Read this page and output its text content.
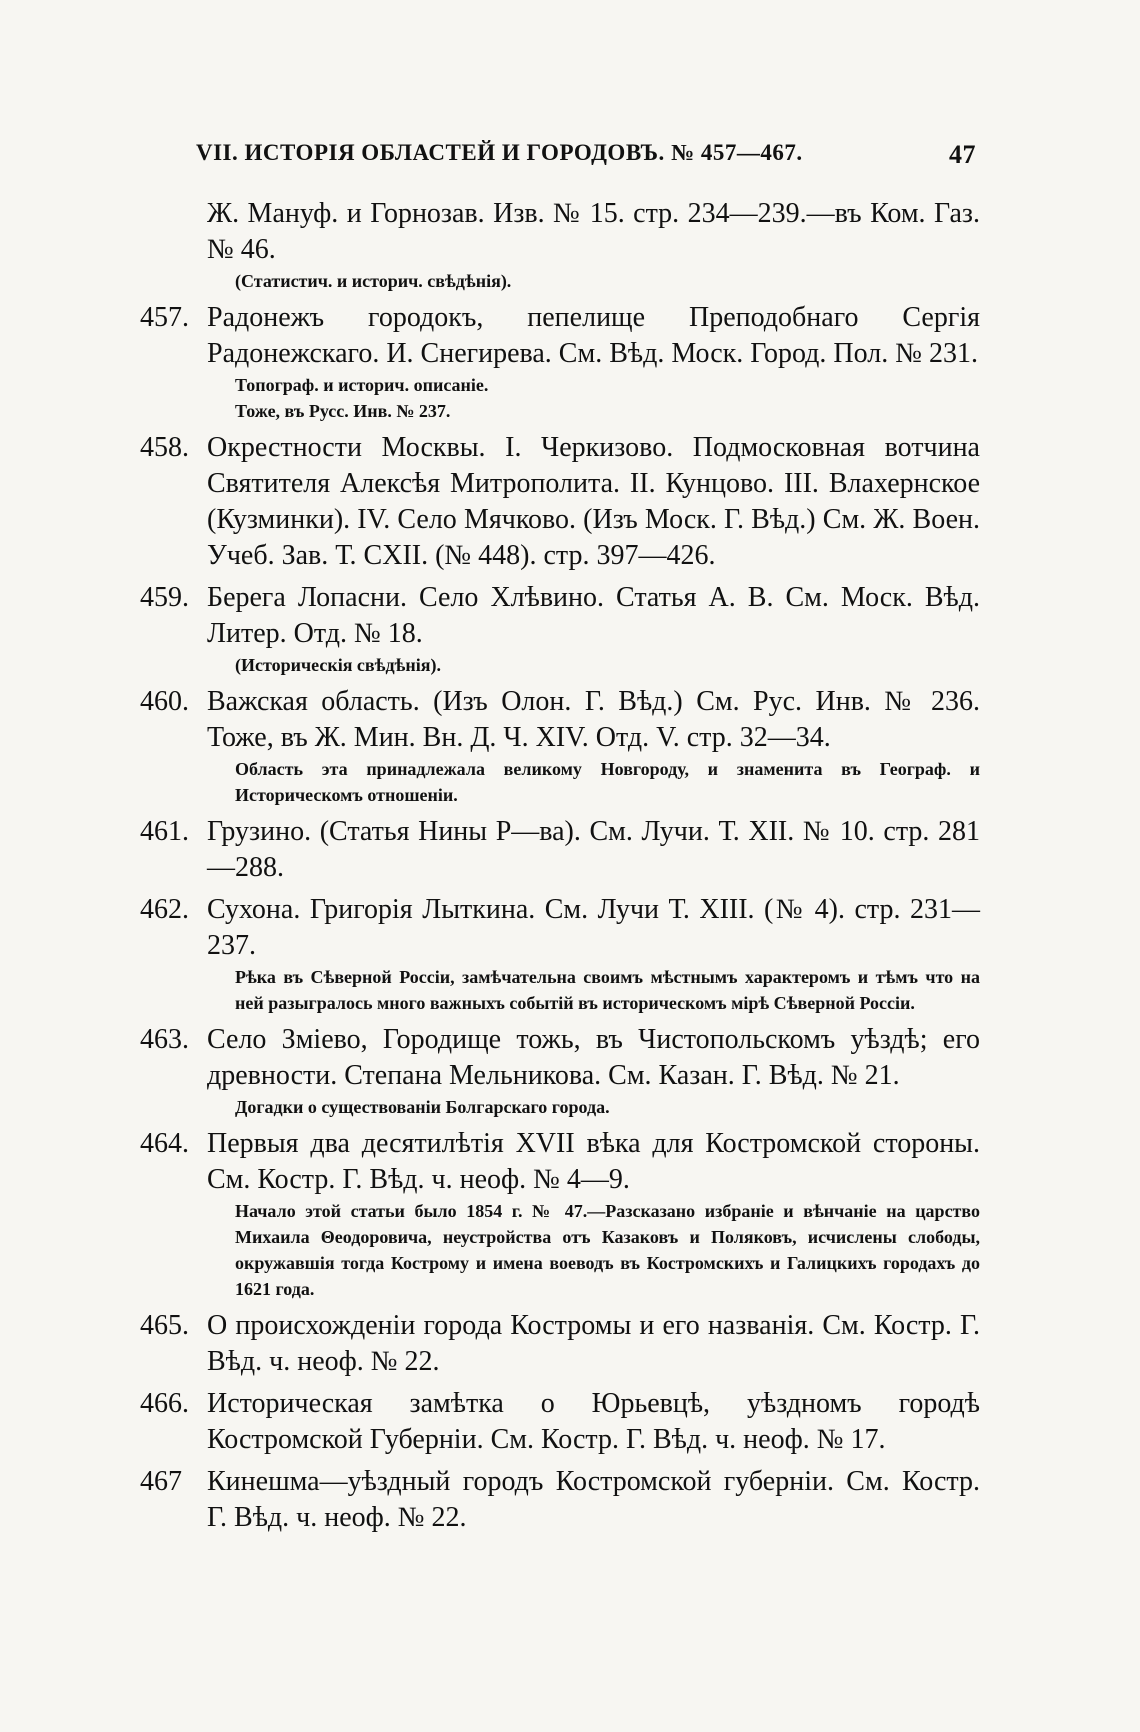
VII. ИСТОРІЯ ОБЛАСТЕЙ И ГОРОДОВЪ. № 457—467.	47
Ж. Мануф. и Горнозав. Изв. № 15. стр. 234—239.—въ Ком. Газ. № 46.
(Статистич. и историч. свѣдѣнія).
457. Радонежъ городокъ, пепелище Преподобнаго Сергія Радонежскаго. И. Снегирева. См. Вѣд. Моск. Город. Пол. № 231.
Топограф. и историч. описаніе.
Тоже, въ Русс. Инв. № 237.
458. Окрестности Москвы. I. Черкизово. Подмосковная вотчина Святителя Алексѣя Митрополита. II. Кунцово. III. Влахернское (Кузминки). IV. Село Мячково. (Изъ Моск. Г. Вѣд.) См. Ж. Воен. Учеб. Зав. Т. CXII. (№ 448). стр. 397—426.
459. Берега Лопасни. Село Хлѣвино. Статья А. В. См. Моск. Вѣд. Литер. Отд. № 18.
(Историческія свѣдѣнія).
460. Важская область. (Изъ Олон. Г. Вѣд.) См. Рус. Инв. № 236. Тоже, въ Ж. Мин. Вн. Д. Ч. XIV. Отд. V. стр. 32—34.
Область эта принадлежала великому Новгороду, и знаменита въ Географ. и Историческомъ отношеніи.
461. Грузино. (Статья Нины Р—ва). См. Лучи. Т. XII. № 10. стр. 281—288.
462. Сухона. Григорія Лыткина. См. Лучи Т. XIII. (№ 4). стр. 231—237.
Рѣка въ Сѣверной Россіи, замѣчательна своимъ мѣстнымъ характеромъ и тѣмъ что на ней разыгралось много важныхъ событій въ историческомъ мірѣ Сѣверной Россіи.
463. Село Зміево, Городище тожь, въ Чистопольскомъ уѣздѣ; его древности. Степана Мельникова. См. Казан. Г. Вѣд. № 21.
Догадки о существованіи Болгарскаго города.
464. Первыя два десятилѣтія XVII вѣка для Костромской стороны. См. Костр. Г. Вѣд. ч. неоф. № 4—9.
Начало этой статьи было 1854 г. № 47.—Разсказано избраніе и вѣнчаніе на царство Михаила Θеодоровича, неустройства отъ Казаковъ и Поляковъ, исчислены слободы, окружавшія тогда Кострому и имена воеводъ въ Костромскихъ и Галицкихъ городахъ до 1621 года.
465. О происхожденіи города Костромы и его названія. См. Костр. Г. Вѣд. ч. неоф. № 22.
466. Историческая замѣтка о Юрьевцѣ, уѣздномъ городѣ Костромской Губерніи. См. Костр. Г. Вѣд. ч. неоф. № 17.
467 Кинешма—уѣздный городъ Костромской губерніи. См. Костр. Г. Вѣд. ч. неоф. № 22.
